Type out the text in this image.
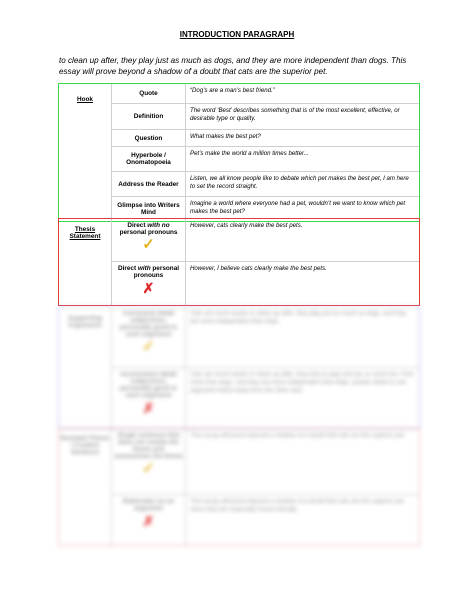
INTRODUCTION PARAGRAPH
to clean up after, they play just as much as dogs, and they are more independent than dogs. This essay will prove beyond a shadow of a doubt that cats are the superior pet.
Hook
Quote	“Dog’s are a man’s best friend.”
Definition
The word ‘Best’ describes something that is of the most excellent, effective, or desirable type or quality.
Question	What makes the best pet?
Hyperbole / Onomatopoeia
Pet’s make the world a million times better...
Address the Reader
Listen, we all know people like to debate which pet makes the best pet, I am here to set the record straight.
Glimpse into Writers Mind
Imagine a world where everyone had a pet, wouldn’t we want to know which pet makes the best pet?
Thesis Statement
Direct with no personal pronouns
✓
However, cats clearly make the best pets.
Direct with personal pronouns
✗
However, I believe cats clearly make the best pets.
Supporting Arguments
Consistent detail subjectives; personally good to each argument
✓
Cats are much easier to clean up after, they play just as much as dogs, and they are more independent than dogs.
Inconsistent detail subjectives; personally good to each argument
✗
Cats are much easier to clean up after, they love to play and are so much fun. Find more than dogs, and they are more independent than dogs. (earlier detail to one argument below away from the other two)
Restated Thesis / Creative Sentence
Single sentence that does not restate the thesis and summarizes the thesis
✓
This essay will prove beyond a shadow of a doubt that cats are the superior pet.
Elaborates on an argument
✗
This essay will prove beyond a shadow of a doubt that cats are the superior pet since they are especially house-friendly.
